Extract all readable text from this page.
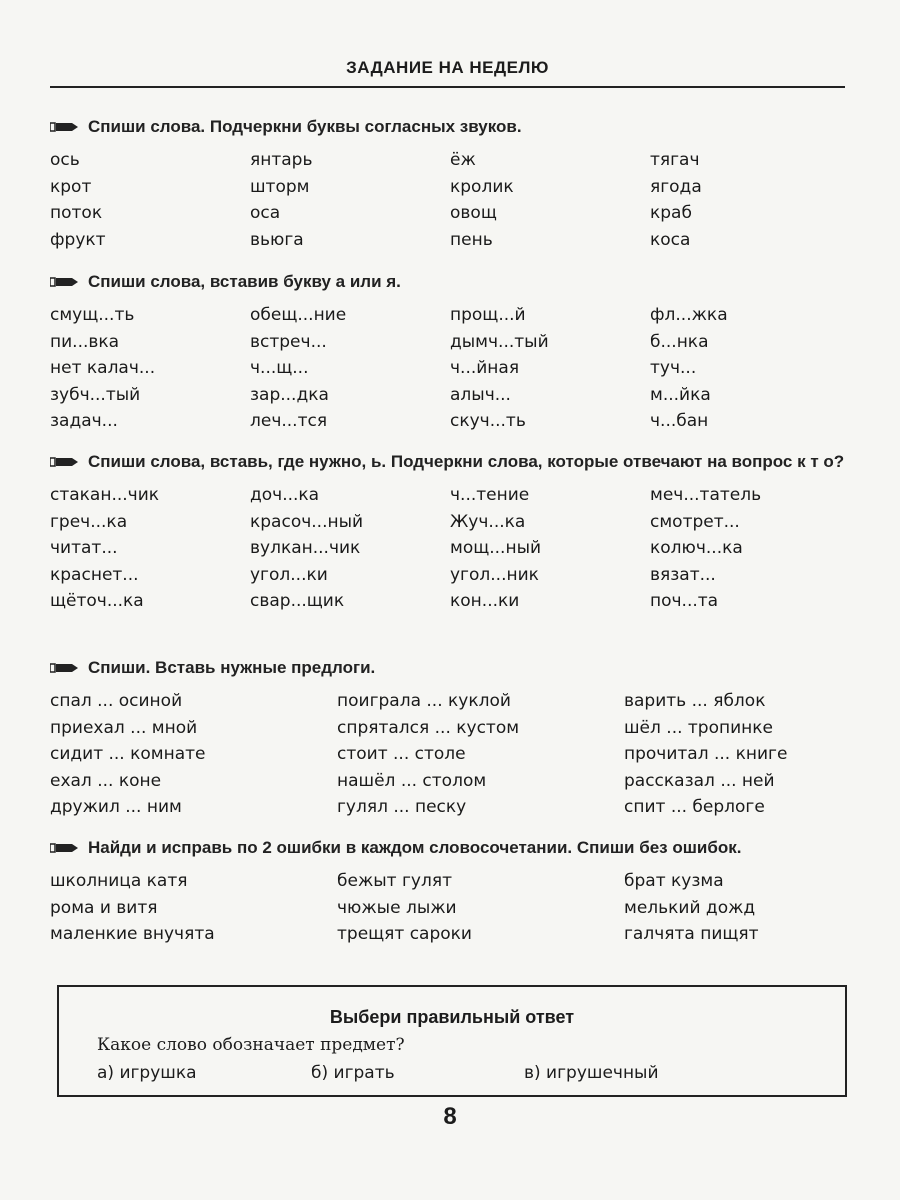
ЗАДАНИЕ НА НЕДЕЛЮ
Спиши слова. Подчеркни буквы согласных звуков.
ось	янтарь	ёж	тягач
крот	шторм	кролик	ягода
поток	оса	овощ	краб
фрукт	вьюга	пень	коса
Спиши слова, вставив букву а или я.
смущ...ть	обещ...ние	прощ...й	фл...жка
пи...вка	встреч...	дымч...тый	б...нка
нет калач...	ч...щ...	ч...йная	туч...
зубч...тый	зар...дка	алыч...	м...йка
задач...	леч...тся	скуч...ть	ч...бан
Спиши слова, вставь, где нужно, ь. Подчеркни слова, которые отвечают на вопрос к т о?
стакан...чик	доч...ка	ч...тение	меч...татель
греч...ка	красоч...ный	Жуч...ка	смотрет...
читат...	вулкан...чик	мощ...ный	колюч...ка
краснет...	угол...ки	угол...ник	вязат...
щёточ...ка	свар...щик	кон...ки	поч...та
Спиши. Вставь нужные предлоги.
спал ... осиной	поиграла ... куклой	варить ... яблок
приехал ... мной	спрятался ... кустом	шёл ... тропинке
сидит ... комнате	стоит ... столе	прочитал ... книге
ехал ... коне	нашёл ... столом	рассказал ... ней
дружил ... ним	гулял ... песку	спит ... берлоге
Найди и исправь по 2 ошибки в каждом словосочетании. Спиши без ошибок.
школница катя	бежыт гулят	брат кузма
рома и витя	чюжые лыжи	мелький дожд
маленкие внучята	трещят сароки	галчята пищят
Выбери правильный ответ
Какое слово обозначает предмет?
а) игрушка	б) играть	в) игрушечный
8
